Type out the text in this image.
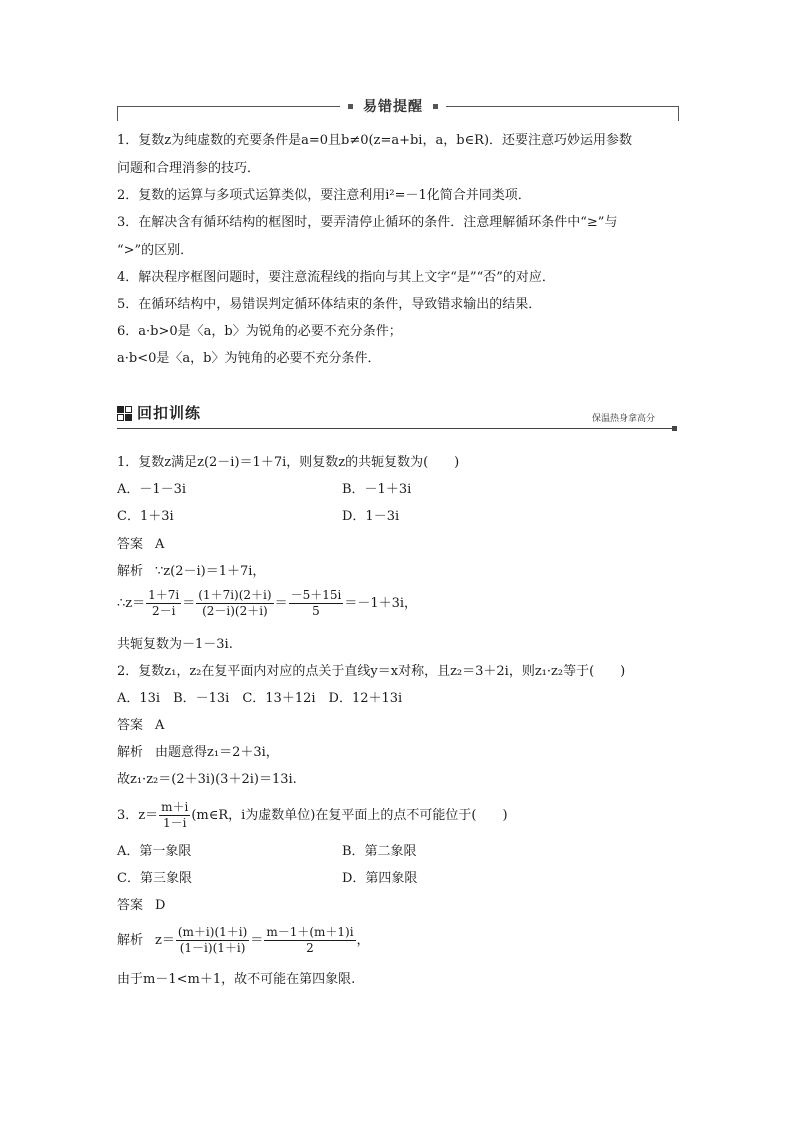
易错提醒
1．复数z为纯虚数的充要条件是a=0且b≠0(z=a+bi，a，b∈R)．还要注意巧妙运用参数
问题和合理消参的技巧．
2．复数的运算与多项式运算类似，要注意利用i²=－1化简合并同类项．
3．在解决含有循环结构的框图时，要弄清停止循环的条件．注意理解循环条件中“≥”与
“>”的区别．
4．解决程序框图问题时，要注意流程线的指向与其上文字“是”“否”的对应．
5．在循环结构中，易错误判定循环体结束的条件，导致错求输出的结果．
6．a·b>0是〈a，b〉为锐角的必要不充分条件；
a·b<0是〈a，b〉为钝角的必要不充分条件．
回扣训练	保温热身拿高分
1．复数z满足z(2－i)＝1＋7i，则复数z的共轭复数为(　　)
A．－1－3i	B．－1＋3i
C．1＋3i	D．1－3i
答案 A
解析 ∵z(2－i)＝1＋7i，
∴z＝ $\frac{1+7i}{2-i} = \frac{(1+7i)(2+i)}{(2-i)(2+i)} = \frac{-5+15i}{5} =-1+3i$，
共轭复数为－1－3i.
2．复数z₁，z₂在复平面内对应的点关于直线y＝x对称，且z₂＝3＋2i，则z₁·z₂等于(　　)
A．13i　B．－13i　C．13＋12i　D．12＋13i
答案 A
解析 由题意得z₁＝2＋3i，
故z₁·z₂＝(2＋3i)(3＋2i)＝13i.
3．$z= \frac{m+i}{1-i}$ (m∈R，i为虚数单位)在复平面上的点不可能位于(　　)
A．第一象限	B．第二象限
C．第三象限	D．第四象限
答案 D
解析 $z= \frac{(m+i)(1+i)}{(1-i)(1+i)} = \frac{m-1+(m+1)i}{2}$ ，
由于m－1<m＋1，故不可能在第四象限.
